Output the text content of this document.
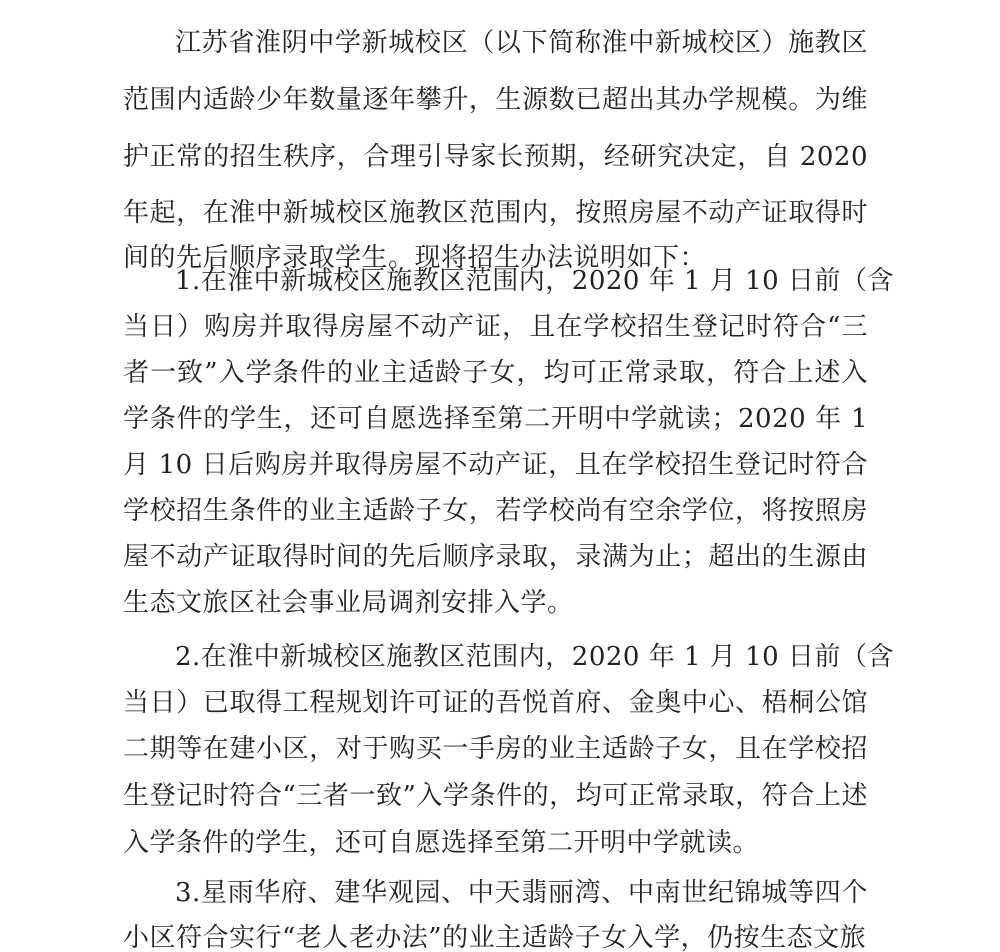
江苏省淮阴中学新城校区（以下简称淮中新城校区）施教区

范围内适龄少年数量逐年攀升，生源数已超出其办学规模。为维

护正常的招生秩序，合理引导家长预期，经研究决定，自 2020

年起，在淮中新城校区施教区范围内，按照房屋不动产证取得时

间的先后顺序录取学生。现将招生办法说明如下：

1.在淮中新城校区施教区范围内，2020 年 1 月 10 日前（含

当日）购房并取得房屋不动产证，且在学校招生登记时符合“三

者一致”入学条件的业主适龄子女，均可正常录取，符合上述入

学条件的学生，还可自愿选择至第二开明中学就读；2020 年 1

月 10 日后购房并取得房屋不动产证，且在学校招生登记时符合

学校招生条件的业主适龄子女，若学校尚有空余学位，将按照房

屋不动产证取得时间的先后顺序录取，录满为止；超出的生源由

生态文旅区社会事业局调剂安排入学。

2.在淮中新城校区施教区范围内，2020 年 1 月 10 日前（含

当日）已取得工程规划许可证的吾悦首府、金奥中心、梧桐公馆

二期等在建小区，对于购买一手房的业主适龄子女，且在学校招

生登记时符合“三者一致”入学条件的，均可正常录取，符合上述

入学条件的学生，还可自愿选择至第二开明中学就读。

3.星雨华府、建华观园、中天翡丽湾、中南世纪锦城等四个

小区符合实行“老人老办法”的业主适龄子女入学，仍按生态文旅
